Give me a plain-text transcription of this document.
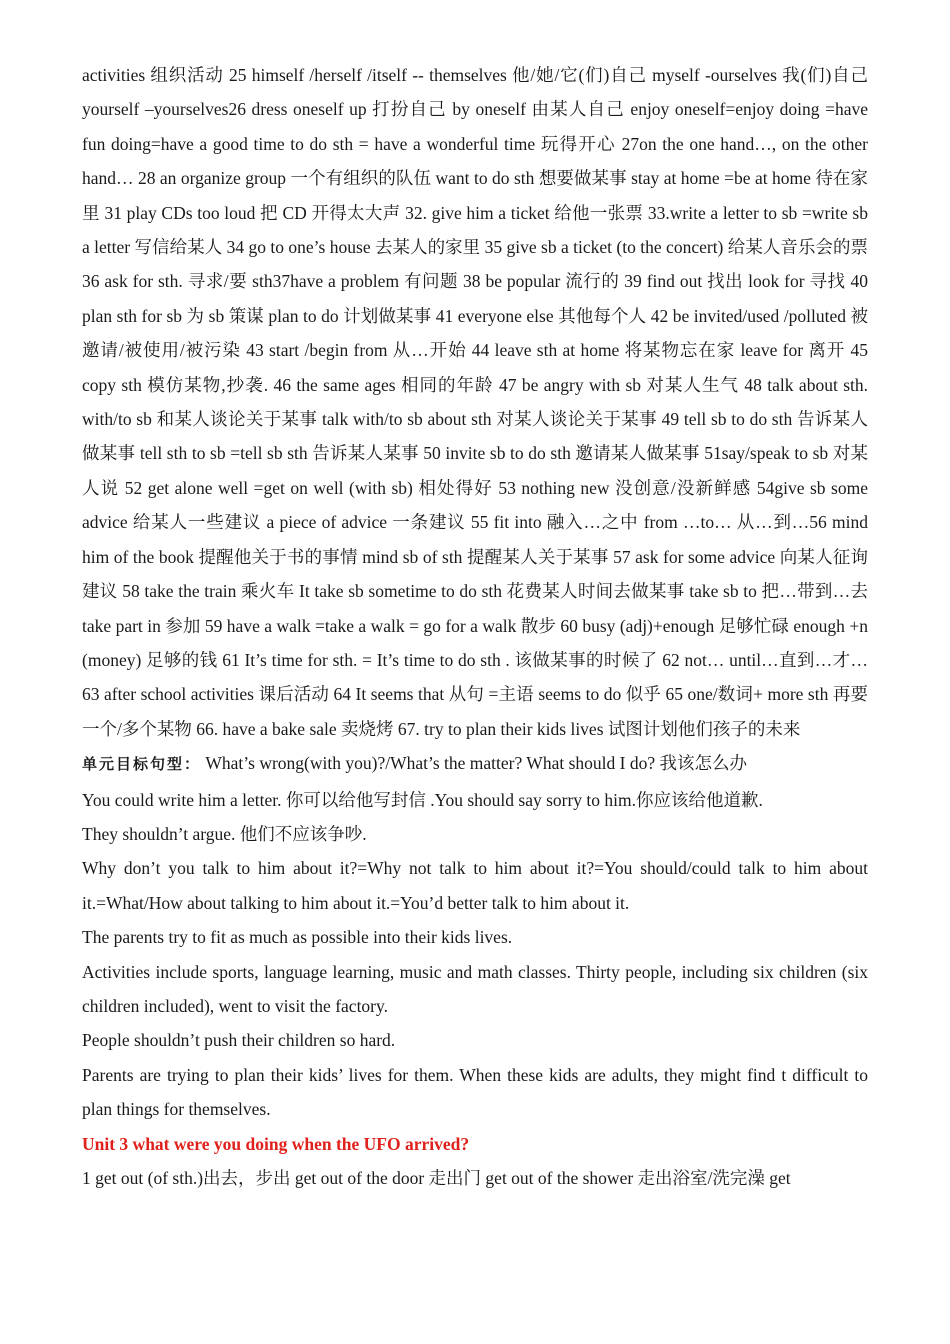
activities 组织活动 25 himself /herself /itself -- themselves 他/她/它(们)自己 myself -ourselves 我(们)自己 yourself –yourselves26 dress oneself up 打扮自己 by oneself 由某人自己 enjoy oneself=enjoy doing =have fun doing=have a good time to do sth = have a wonderful time 玩得开心 27on the one hand…, on the other hand… 28 an organize group 一个有组织的队伍 want to do sth 想要做某事 stay at home =be at home 待在家里 31 play CDs too loud 把 CD 开得太大声 32. give him a ticket 给他一张票 33.write a letter to sb =write sb a letter 写信给某人 34 go to one’s house 去某人的家里 35 give sb a ticket (to the concert) 给某人音乐会的票 36 ask for sth. 寻求/要 sth37have a problem 有问题 38 be popular 流行的 39 find out 找出 look for 寻找 40 plan sth for sb 为 sb 策谋 plan to do 计划做某事 41 everyone else 其他每个人 42 be invited/used /polluted 被邀请/被使用/被污染 43 start /begin from 从…开始 44 leave sth at home 将某物忘在家 leave for 离开 45 copy sth 模仿某物,抄袭. 46 the same ages 相同的年龄 47 be angry with sb 对某人生气 48 talk about sth. with/to sb 和某人谈论关于某事 talk with/to sb about sth 对某人谈论关于某事 49 tell sb to do sth 告诉某人做某事 tell sth to sb =tell sb sth 告诉某人某事 50 invite sb to do sth 邀请某人做某事 51say/speak to sb 对某人说 52 get alone well =get on well (with sb) 相处得好 53 nothing new 没创意/没新鲜感 54give sb some advice 给某人一些建议 a piece of advice 一条建议 55 fit into 融入…之中 from …to… 从…到…56 mind him of the book 提醒他关于书的事情 mind sb of sth 提醒某人关于某事 57 ask for some advice 向某人征询建议 58 take the train 乘火车 It take sb sometime to do sth 花费某人时间去做某事 take sb to 把…带到…去 take part in 参加 59 have a walk =take a walk = go for a walk 散步 60 busy (adj)+enough 足够忙碌 enough +n (money) 足够的钱 61 It’s time for sth. = It’s time to do sth . 该做某事的时候了 62 not… until…直到…才…63 after school activities 课后活动 64 It seems that 从句 =主语 seems to do 似乎 65 one/数词+ more sth 再要一个/多个某物 66. have a bake sale 卖烧烤 67. try to plan their kids lives 试图计划他们孩子的未来

单元目标句型： What’s wrong(with you)?/What’s the matter? What should I do? 我该怎么办

You could write him a letter. 你可以给他写封信 .You should say sorry to him.你应该给他道歉.

They shouldn’t argue. 他们不应该争吵.

Why don’t you talk to him about it?=Why not talk to him about it?=You should/could talk to him about it.=What/How about talking to him about it.=You’d better talk to him about it.

The parents try to fit as much as possible into their kids lives.

Activities include sports, language learning, music and math classes. Thirty people, including six children (six children included), went to visit the factory.

People shouldn’t push their children so hard.

Parents are trying to plan their kids’ lives for them. When these kids are adults, they might find t difficult to plan things for themselves.

Unit 3 what were you doing when the UFO arrived?

1 get out (of sth.)出去，步出 get out of the door 走出门 get out of the shower 走出浴室/洗完澡 get
